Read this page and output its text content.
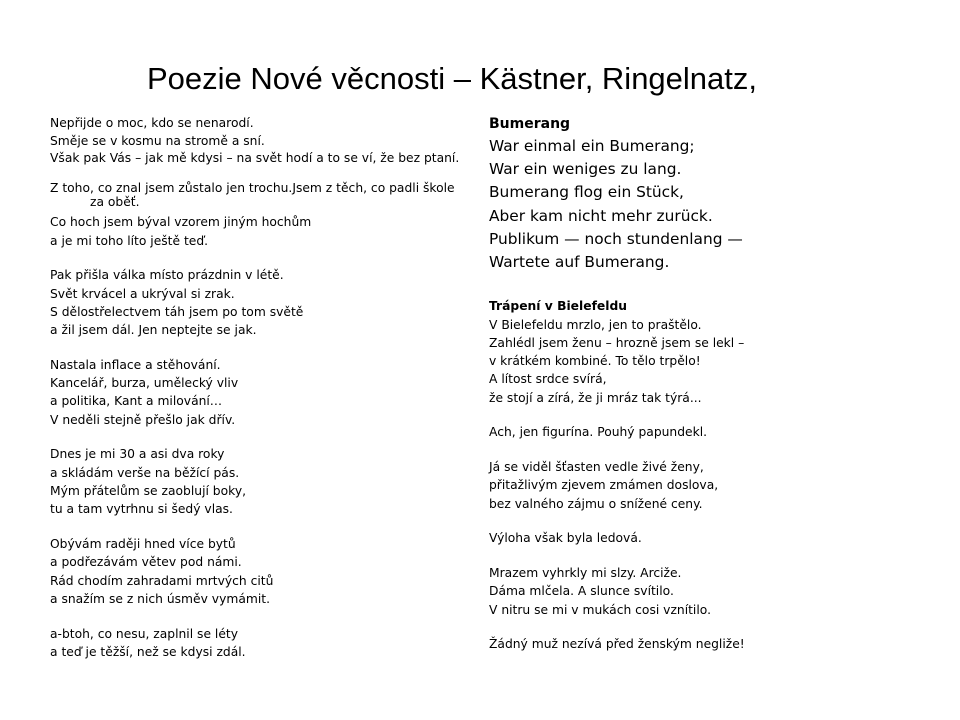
Poezie Nové věcnosti – Kästner, Ringelnatz,
Nepřijde o moc, kdo se nenarodí.
Směje se v kosmu na stromě a sní.
Však pak Vás – jak mě kdysi – na svět hodí a to se ví, že bez ptaní.
Z toho, co znal jsem zůstalo jen trochu.Jsem z těch, co padli škole za oběť.
Co hoch jsem býval vzorem jiným hochům
a je mi toho líto ještě teď.
Pak přišla válka místo prázdnin v létě.
Svět krvácel a ukrýval si zrak.
S dělostřelectvem táh jsem po tom světě
a žil jsem dál. Jen neptejte se jak.
Nastala inflace a stěhování.
Kancelář, burza, umělecký vliv
a politika, Kant a milování…
V neděli stejně přešlo jak dřív.
Dnes je mi 30 a asi dva roky
a skládám verše na běžící pás.
Mým přátelům se zaoblují boky,
tu a tam vytrhnu si šedý vlas.
Obývám raději hned více bytů
a podřezávám větev pod námi.
Rád chodím zahradami mrtvých citů
a snažím se z nich úsměv vymámit.
a-btoh, co nesu, zaplnil se léty
a teď je těžší, než se kdysi zdál.
Bumerang
War einmal ein Bumerang;
War ein weniges zu lang.
Bumerang flog ein Stück,
Aber kam nicht mehr zurück.
Publikum — noch stundenlang —
Wartete auf Bumerang.
Trápení v Bielefeldu
V Bielefeldu mrzlo, jen to praštělo.
Zahlédl jsem ženu – hrozně jsem se lekl –
v krátkém kombiné. To tělo trpělo!
A lítost srdce svírá,
že stojí a zírá, že ji mráz tak týrá...
Ach, jen figurína. Pouhý papundekl.
Já se viděl šťasten vedle živé ženy,
přitažlivým zjevem zmámen doslova,
bez valného zájmu o snížené ceny.
Výloha však byla ledová.
Mrazem vyhrkly mi slzy. Arciže.
Dáma mlčela. A slunce svítilo.
V nitru se mi v mukách cosi vznítilo.
Žádný muž nezívá před ženským negliže!
